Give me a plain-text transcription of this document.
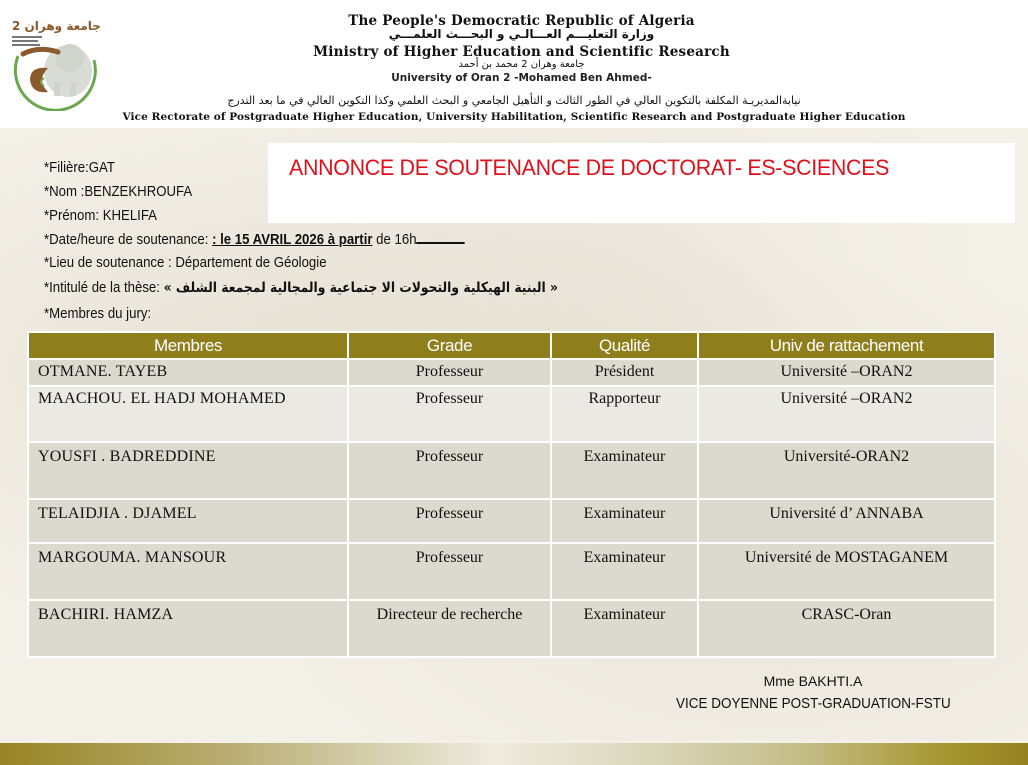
جامعة وهران 2	The People's Democratic Republic of Algeria
وزارة التعليـــم العـــالـي و البحـــث العلمـــي
Ministry of Higher Education and Scientific Research
جامعة وهران 2 محمد بن أحمد
University of Oran 2 -Mohamed Ben Ahmed-
نيابةالمديريـة المكلفة بالتكوين العالي في الطور الثالث و التأهيل الجامعي و البحث العلمي وكذا التكوين العالي في ما بعد التدرج
Vice Rectorate of Postgraduate Higher Education, University Habilitation, Scientific Research and Postgraduate Higher Education
ANNONCE DE SOUTENANCE DE DOCTORAT- ES-SCIENCES
*Filière:GAT
*Nom :BENZEKHROUFA
*Prénom: KHELIFA
*Date/heure de soutenance: : le 15 AVRIL 2026 à partir de 16h
*Lieu de soutenance : Département de Géologie
*Intitulé de la thèse: « البنية الهيكلية والتحولات الا جتماعية والمجالية لمجمعة الشلف »
*Membres du jury:
Membres	Grade	Qualité	Univ de rattachement
OTMANE. TAYEB	Professeur	Président	Université –ORAN2
MAACHOU. EL HADJ MOHAMED	Professeur	Rapporteur	Université –ORAN2
YOUSFI . BADREDDINE	Professeur	Examinateur	Université-ORAN2
TELAIDJIA . DJAMEL	Professeur	Examinateur	Université d’ ANNABA
MARGOUMA. MANSOUR	Professeur	Examinateur	Université de MOSTAGANEM
BACHIRI. HAMZA	Directeur de recherche	Examinateur	CRASC-Oran
Mme BAKHTI.A
VICE DOYENNE POST-GRADUATION-FSTU
